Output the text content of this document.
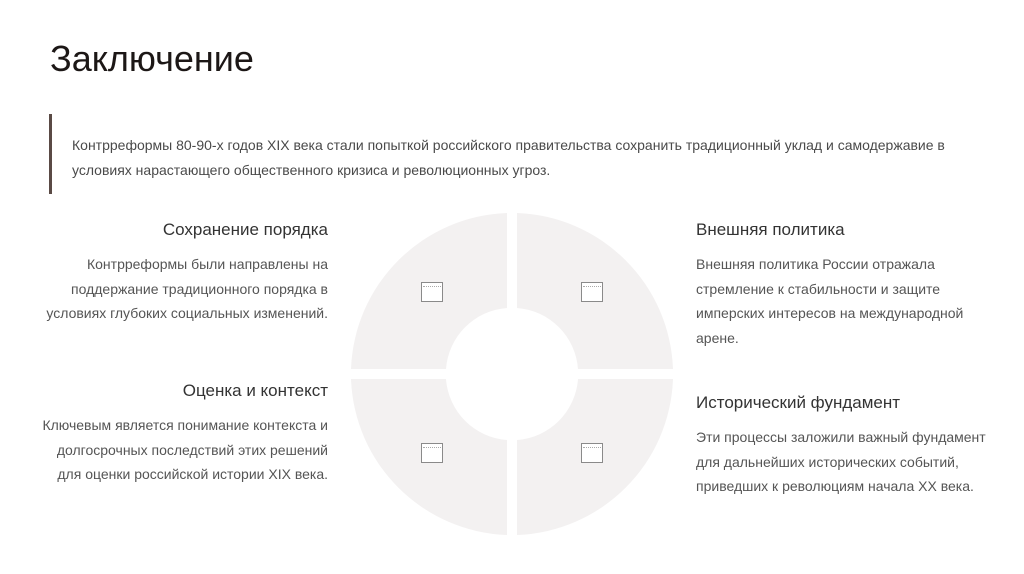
Заключение
Контрреформы 80-90-х годов XIX века стали попыткой российского правительства сохранить традиционный уклад и самодержавие в условиях нарастающего общественного кризиса и революционных угроз.
Сохранение порядка

Контрреформы были направлены на поддержание традиционного порядка в условиях глубоких социальных изменений.

Оценка и контекст

Ключевым является понимание контекста и долгосрочных последствий этих решений для оценки российской истории XIX века.

Внешняя политика

Внешняя политика России отражала стремление к стабильности и защите имперских интересов на международной арене.

Исторический фундамент

Эти процессы заложили важный фундамент для дальнейших исторических событий, приведших к революциям начала XX века.
